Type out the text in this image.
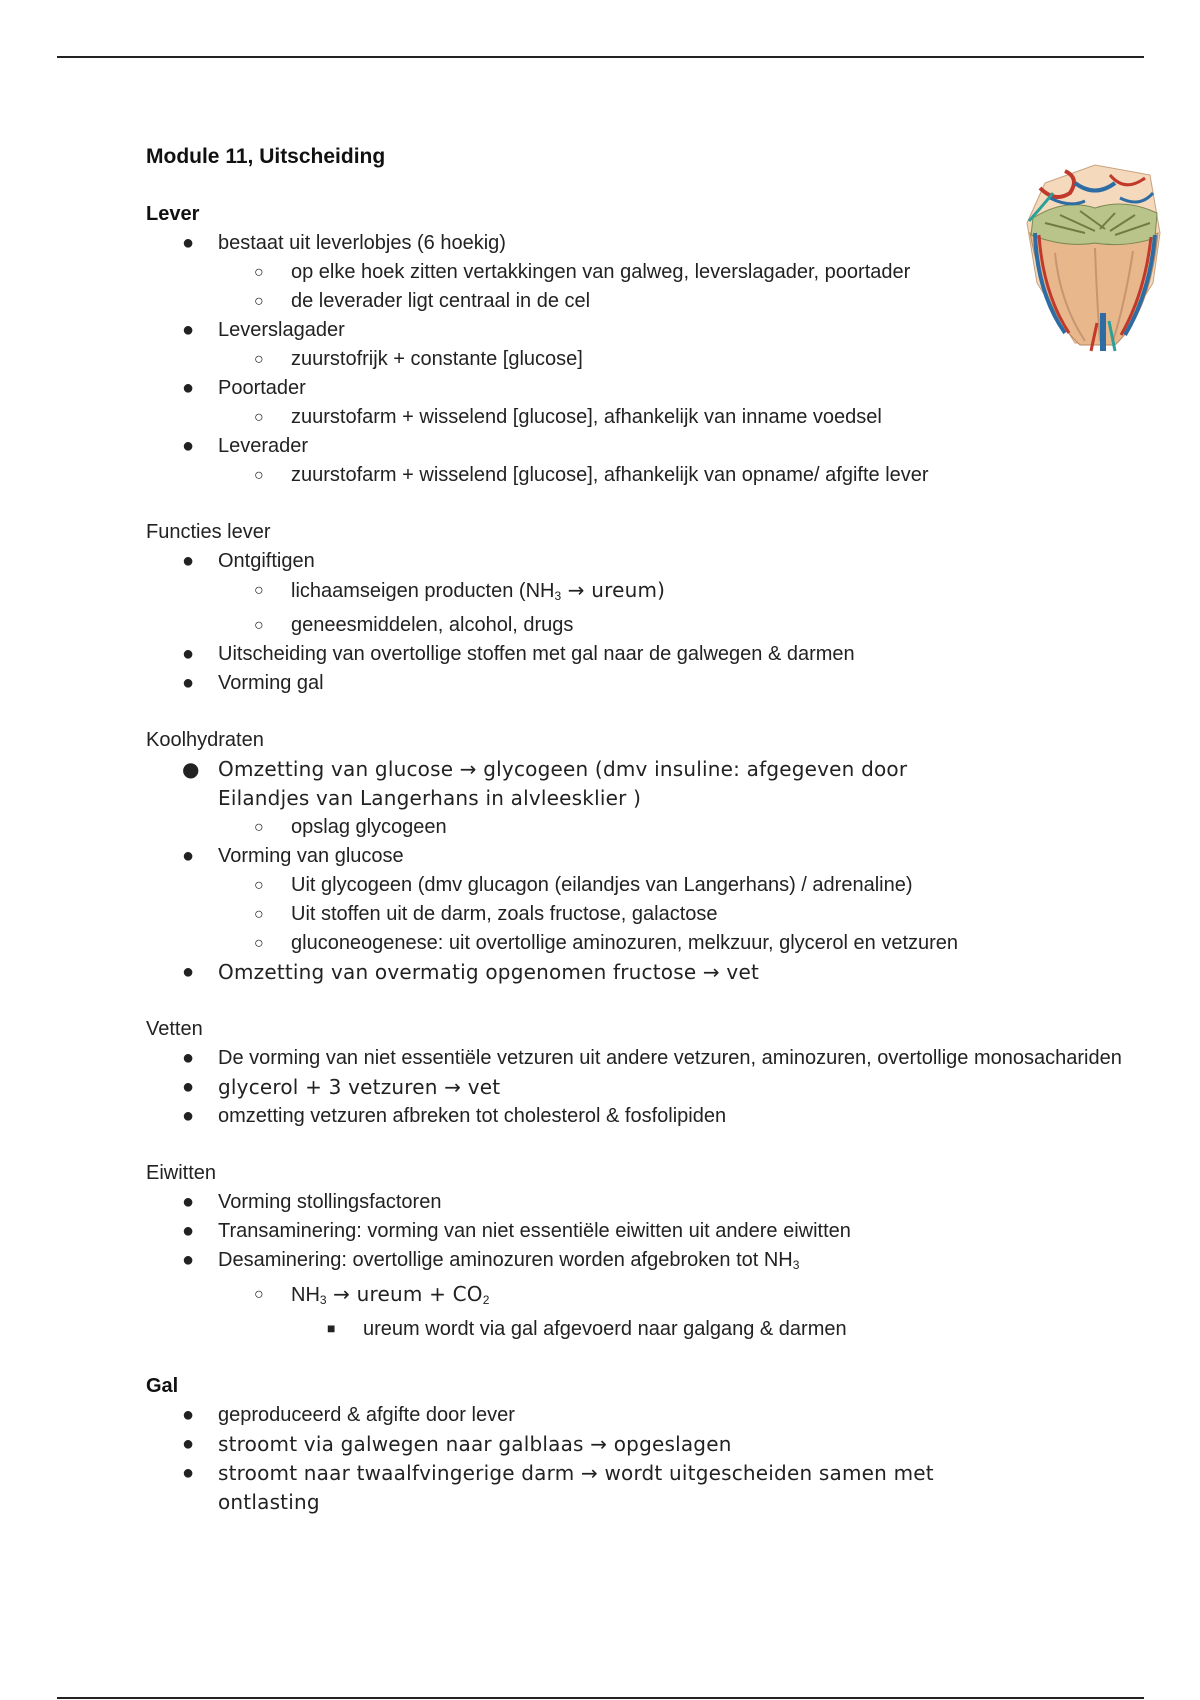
Module 11, Uitscheiding
Lever
● bestaat uit leverlobjes (6 hoekig)
○ op elke hoek zitten vertakkingen van galweg, leverslagader, poortader
○ de leverader ligt centraal in de cel
● Leverslagader
○ zuurstofrijk + constante [glucose]
● Poortader
○ zuurstofarm + wisselend [glucose], afhankelijk van inname voedsel
● Leverader
○ zuurstofarm + wisselend [glucose], afhankelijk van opname/ afgifte lever
Functies lever
● Ontgiftigen
○ lichaamseigen producten ($NH_3$ → ureum)
○ geneesmiddelen, alcohol, drugs
● Uitscheiding van overtollige stoffen met gal naar de galwegen & darmen
● Vorming gal
Koolhydraten
● Omzetting van glucose → glycogeen (dmv insuline: afgegeven door Eilandjes van Langerhans in alvleesklier )
○ opslag glycogeen
● Vorming van glucose
○ Uit glycogeen (dmv glucagon (eilandjes van Langerhans) / adrenaline)
○ Uit stoffen uit de darm, zoals fructose, galactose
○ gluconeogenese: uit overtollige aminozuren, melkzuur, glycerol en vetzuren
● Omzetting van overmatig opgenomen fructose → vet
Vetten
● De vorming van niet essentiële vetzuren uit andere vetzuren, aminozuren, overtollige monosachariden
● glycerol + 3 vetzuren → vet
● omzetting vetzuren afbreken tot cholesterol & fosfolipiden
Eiwitten
● Vorming stollingsfactoren
● Transaminering: vorming van niet essentiële eiwitten uit andere eiwitten
● Desaminering: overtollige aminozuren worden afgebroken tot $NH_3$
○ $NH_3$ → ureum + $CO_2$
■ ureum wordt via gal afgevoerd naar galgang & darmen
Gal
● geproduceerd & afgifte door lever
● stroomt via galwegen naar galblaas → opgeslagen
● stroomt naar twaalfvingerige darm → wordt uitgescheiden samen met ontlasting
